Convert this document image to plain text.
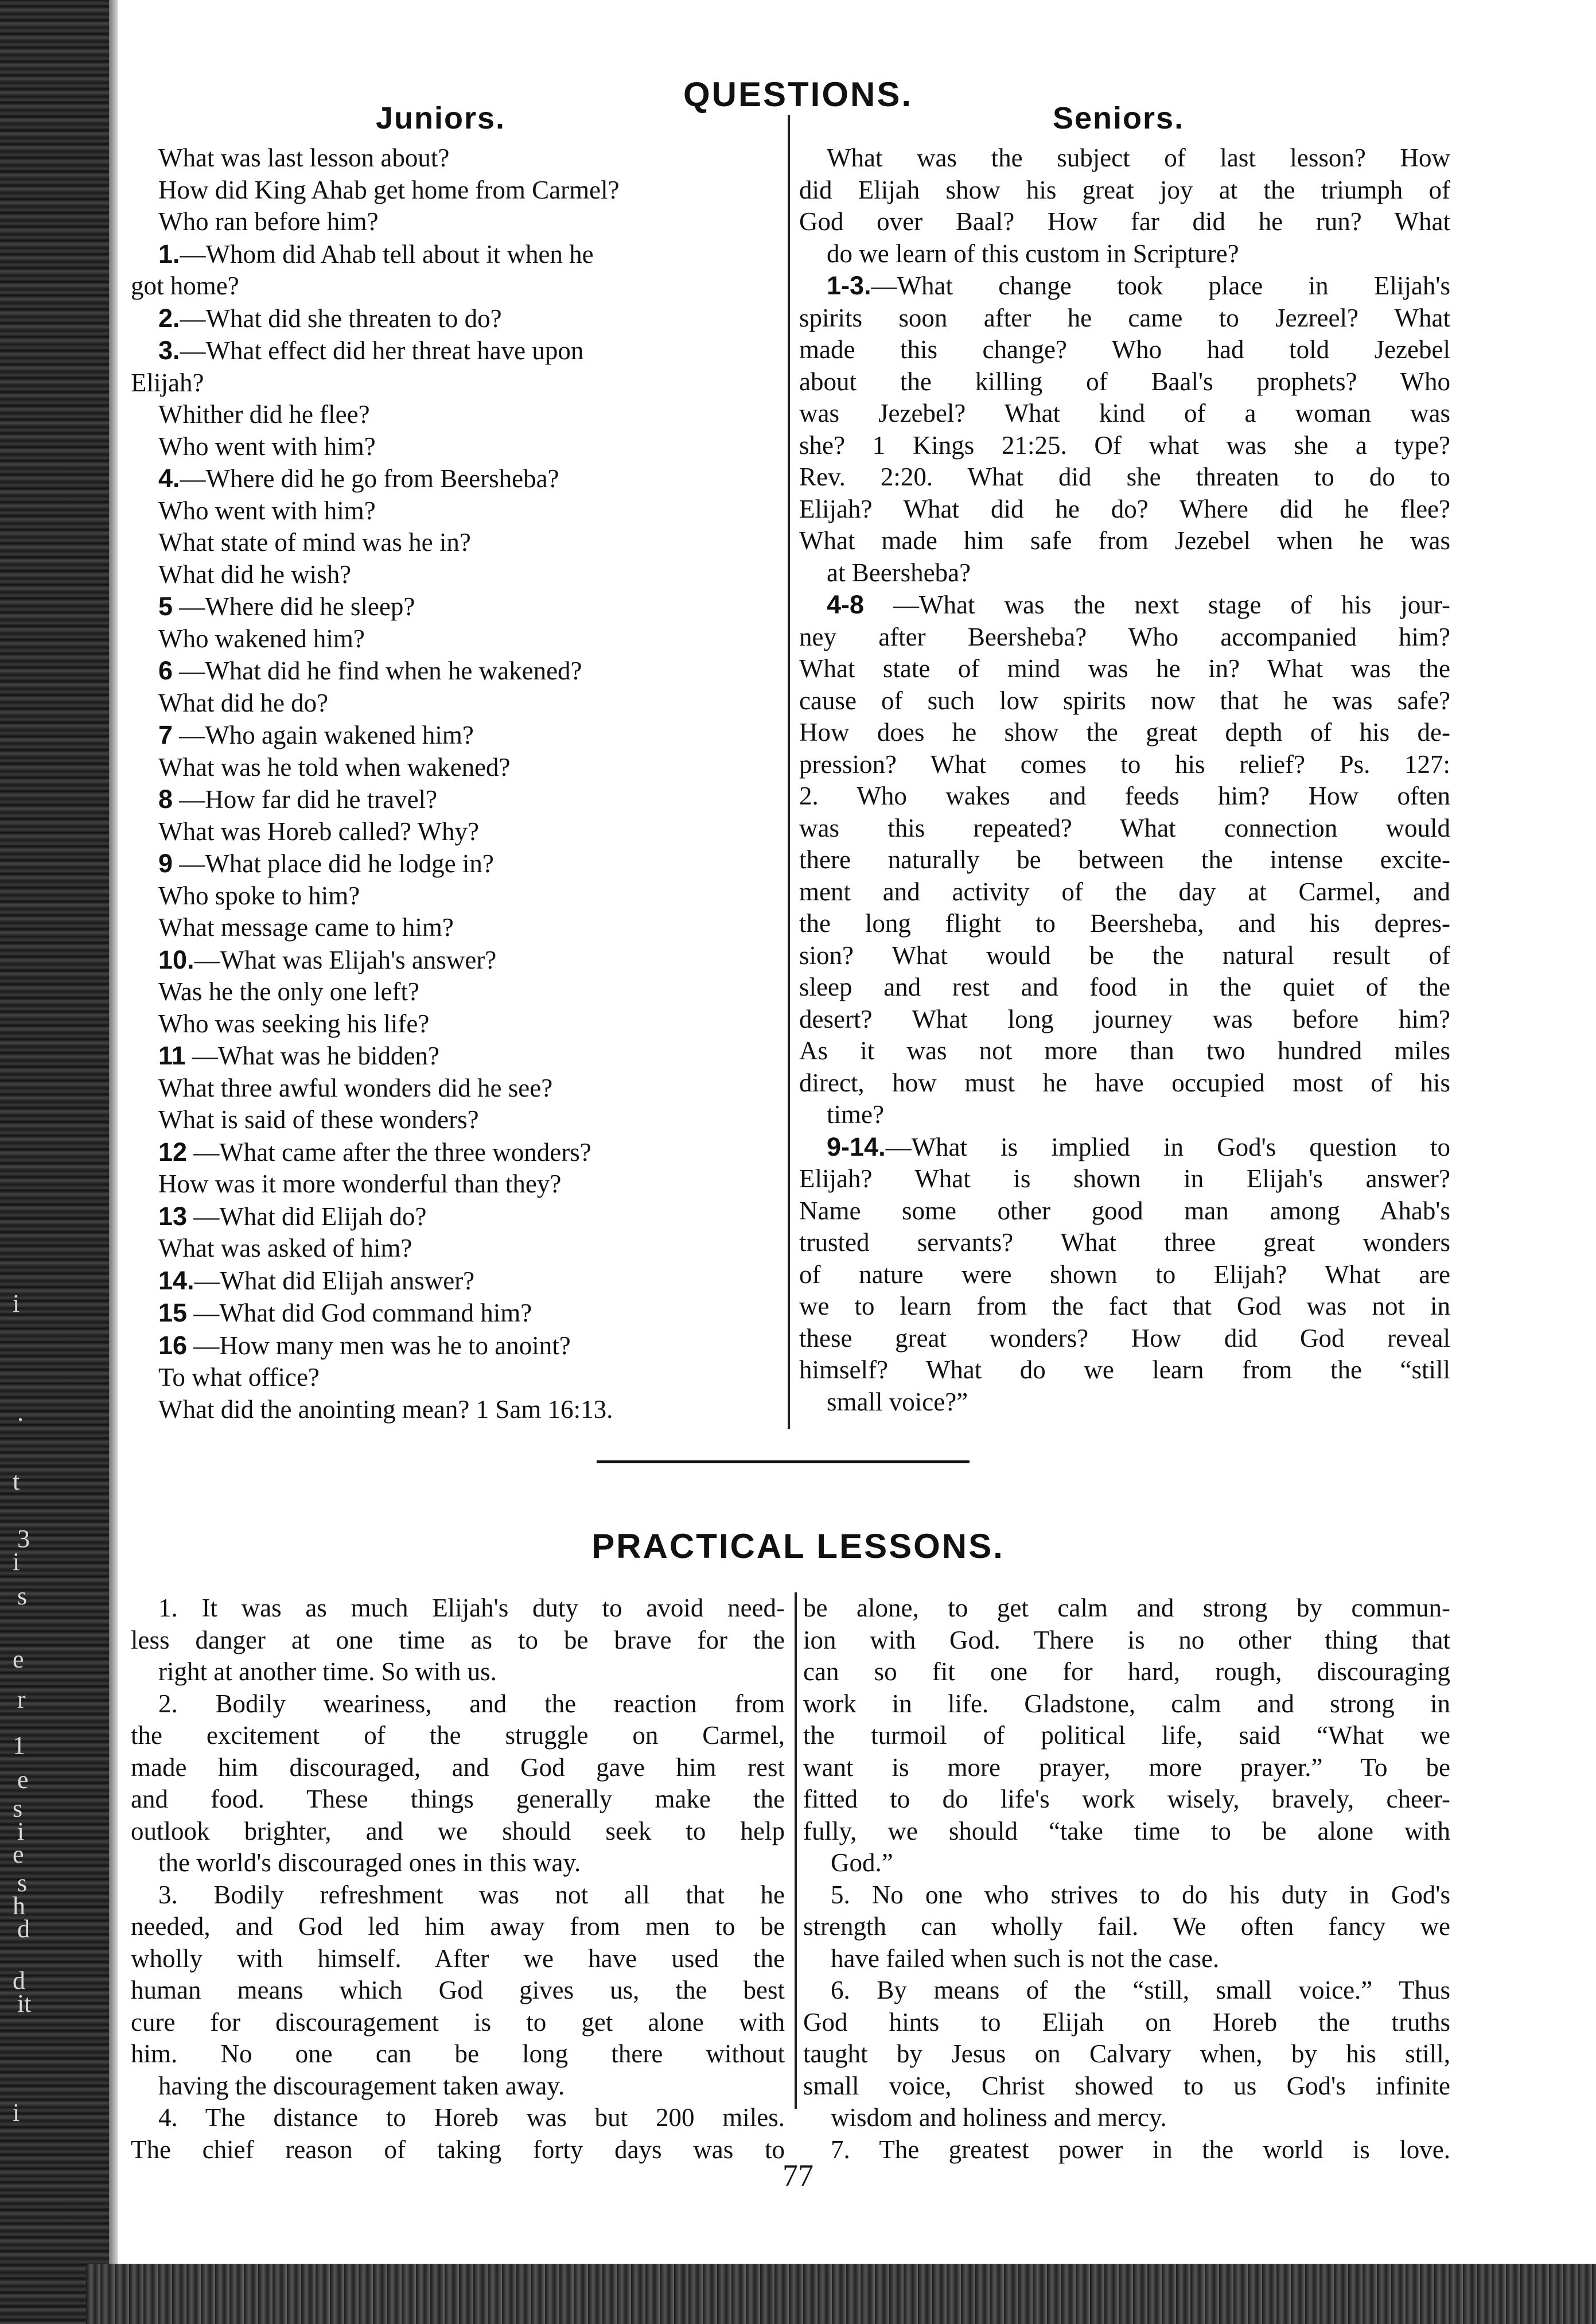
i
.
t
3
i
s
e
r
1
e
s
i
e
s
h
d
d
it
i
QUESTIONS.
Juniors.	Seniors.
What was last lesson about?
How did King Ahab get home from Carmel?
Who ran before him?
1.—Whom did Ahab tell about it when he
got home?
2.—What did she threaten to do?
3.—What effect did her threat have upon
Elijah?
Whither did he flee?
Who went with him?
4.—Where did he go from Beersheba?
Who went with him?
What state of mind was he in?
What did he wish?
5 —Where did he sleep?
Who wakened him?
6 —What did he find when he wakened?
What did he do?
7 —Who again wakened him?
What was he told when wakened?
8 —How far did he travel?
What was Horeb called? Why?
9 —What place did he lodge in?
Who spoke to him?
What message came to him?
10.—What was Elijah's answer?
Was he the only one left?
Who was seeking his life?
11 —What was he bidden?
What three awful wonders did he see?
What is said of these wonders?
12 —What came after the three wonders?
How was it more wonderful than they?
13 —What did Elijah do?
What was asked of him?
14.—What did Elijah answer?
15 —What did God command him?
16 —How many men was he to anoint?
To what office?
What did the anointing mean? 1 Sam 16:13.
What was the subject of last lesson? How
did Elijah show his great joy at the triumph of
God over Baal? How far did he run? What
do we learn of this custom in Scripture?
1-3.—What change took place in Elijah's
spirits soon after he came to Jezreel? What
made this change? Who had told Jezebel
about the killing of Baal's prophets? Who
was Jezebel? What kind of a woman was
she? 1 Kings 21:25. Of what was she a type?
Rev. 2:20. What did she threaten to do to
Elijah? What did he do? Where did he flee?
What made him safe from Jezebel when he was
at Beersheba?
4-8 —What was the next stage of his jour-
ney after Beersheba? Who accompanied him?
What state of mind was he in? What was the
cause of such low spirits now that he was safe?
How does he show the great depth of his de-
pression? What comes to his relief? Ps. 127:
2. Who wakes and feeds him? How often
was this repeated? What connection would
there naturally be between the intense excite-
ment and activity of the day at Carmel, and
the long flight to Beersheba, and his depres-
sion? What would be the natural result of
sleep and rest and food in the quiet of the
desert? What long journey was before him?
As it was not more than two hundred miles
direct, how must he have occupied most of his
time?
9-14.—What is implied in God's question to
Elijah? What is shown in Elijah's answer?
Name some other good man among Ahab's
trusted servants? What three great wonders
of nature were shown to Elijah? What are
we to learn from the fact that God was not in
these great wonders? How did God reveal
himself? What do we learn from the “still
small voice?”
PRACTICAL LESSONS.
1. It was as much Elijah's duty to avoid need-
less danger at one time as to be brave for the
right at another time. So with us.
2. Bodily weariness, and the reaction from
the excitement of the struggle on Carmel,
made him discouraged, and God gave him rest
and food. These things generally make the
outlook brighter, and we should seek to help
the world's discouraged ones in this way.
3. Bodily refreshment was not all that he
needed, and God led him away from men to be
wholly with himself. After we have used the
human means which God gives us, the best
cure for discouragement is to get alone with
him. No one can be long there without
having the discouragement taken away.
4. The distance to Horeb was but 200 miles.
The chief reason of taking forty days was to
be alone, to get calm and strong by commun-
ion with God. There is no other thing that
can so fit one for hard, rough, discouraging
work in life. Gladstone, calm and strong in
the turmoil of political life, said “What we
want is more prayer, more prayer.” To be
fitted to do life's work wisely, bravely, cheer-
fully, we should “take time to be alone with
God.”
5. No one who strives to do his duty in God's
strength can wholly fail. We often fancy we
have failed when such is not the case.
6. By means of the “still, small voice.” Thus
God hints to Elijah on Horeb the truths
taught by Jesus on Calvary when, by his still,
small voice, Christ showed to us God's infinite
wisdom and holiness and mercy.
7. The greatest power in the world is love.
77
